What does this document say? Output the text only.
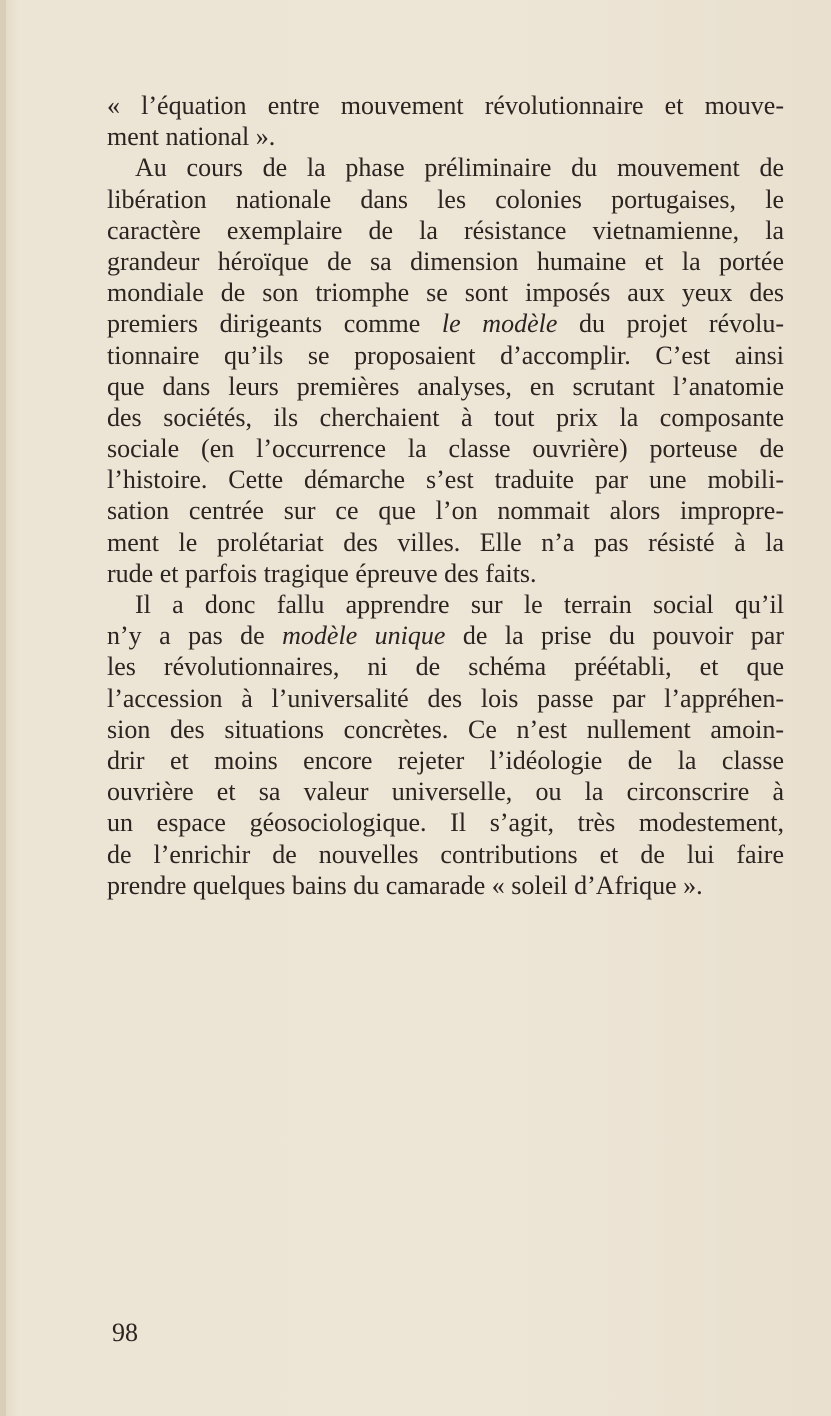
« l’équation entre mouvement révolutionnaire et mouve-
ment national ».
Au cours de la phase préliminaire du mouvement de
libération nationale dans les colonies portugaises, le
caractère exemplaire de la résistance vietnamienne, la
grandeur héroïque de sa dimension humaine et la portée
mondiale de son triomphe se sont imposés aux yeux des
premiers dirigeants comme le modèle du projet révolu-
tionnaire qu’ils se proposaient d’accomplir. C’est ainsi
que dans leurs premières analyses, en scrutant l’anatomie
des sociétés, ils cherchaient à tout prix la composante
sociale (en l’occurrence la classe ouvrière) porteuse de
l’histoire. Cette démarche s’est traduite par une mobili-
sation centrée sur ce que l’on nommait alors impropre-
ment le prolétariat des villes. Elle n’a pas résisté à la
rude et parfois tragique épreuve des faits.
Il a donc fallu apprendre sur le terrain social qu’il
n’y a pas de modèle unique de la prise du pouvoir par
les révolutionnaires, ni de schéma préétabli, et que
l’accession à l’universalité des lois passe par l’appréhen-
sion des situations concrètes. Ce n’est nullement amoin-
drir et moins encore rejeter l’idéologie de la classe
ouvrière et sa valeur universelle, ou la circonscrire à
un espace géosociologique. Il s’agit, très modestement,
de l’enrichir de nouvelles contributions et de lui faire
prendre quelques bains du camarade « soleil d’Afrique ».
98
